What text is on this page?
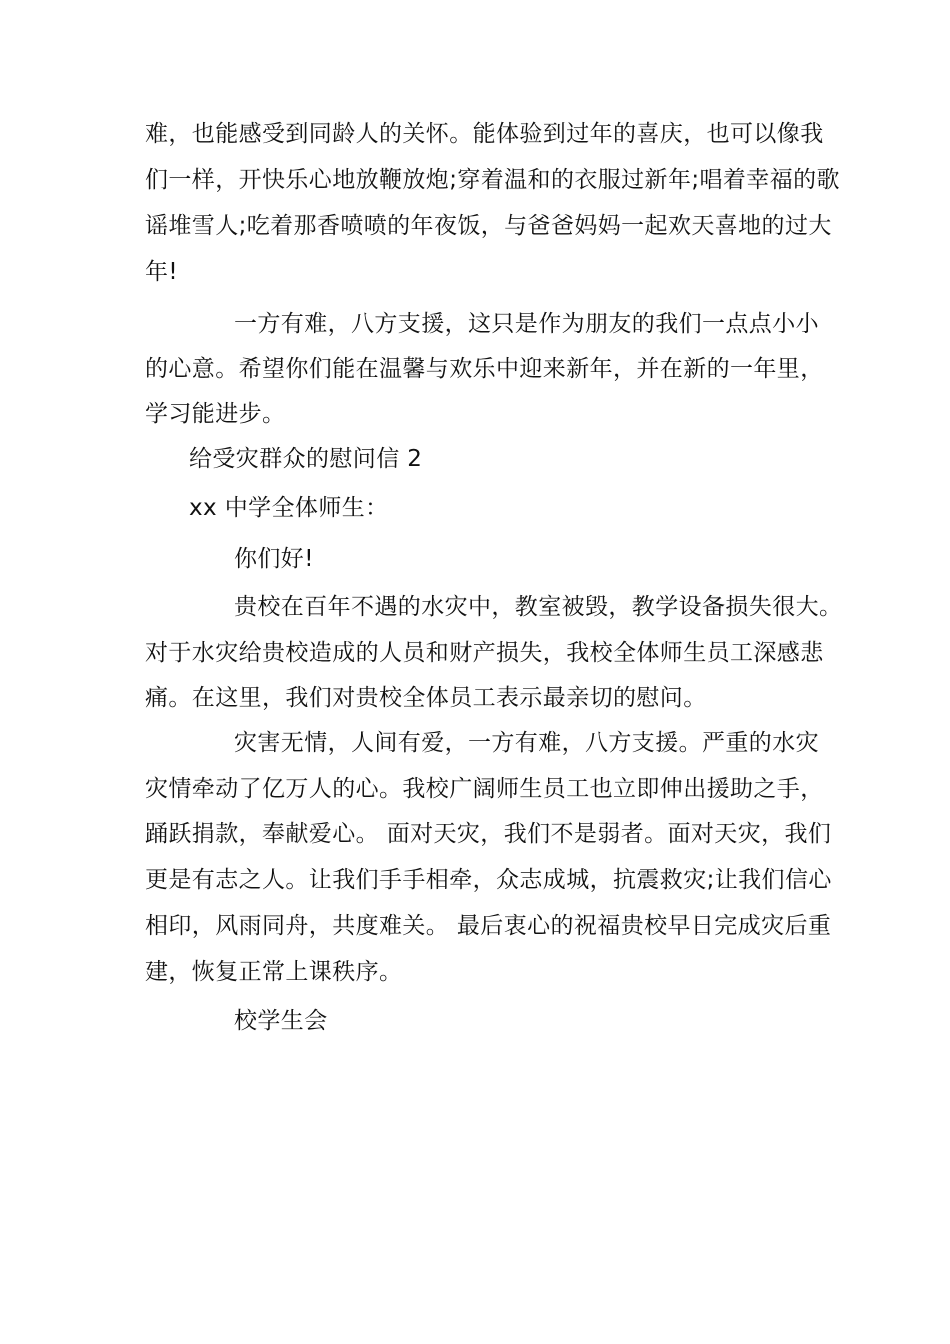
难，也能感受到同龄人的关怀。能体验到过年的喜庆，也可以像我
们一样，开快乐心地放鞭放炮;穿着温和的衣服过新年;唱着幸福的歌
谣堆雪人;吃着那香喷喷的年夜饭，与爸爸妈妈一起欢天喜地的过大
年!
一方有难，八方支援，这只是作为朋友的我们一点点小小
的心意。希望你们能在温馨与欢乐中迎来新年，并在新的一年里，
学习能进步。
给受灾群众的慰问信 2
xx 中学全体师生：
你们好!
贵校在百年不遇的水灾中，教室被毁，教学设备损失很大。
对于水灾给贵校造成的人员和财产损失，我校全体师生员工深感悲
痛。在这里，我们对贵校全体员工表示最亲切的慰问。
灾害无情，人间有爱，一方有难，八方支援。严重的水灾
灾情牵动了亿万人的心。我校广阔师生员工也立即伸出援助之手，
踊跃捐款，奉献爱心。 面对天灾，我们不是弱者。面对天灾，我们
更是有志之人。让我们手手相牵，众志成城，抗震救灾;让我们信心
相印，风雨同舟，共度难关。 最后衷心的祝福贵校早日完成灾后重
建，恢复正常上课秩序。
校学生会
